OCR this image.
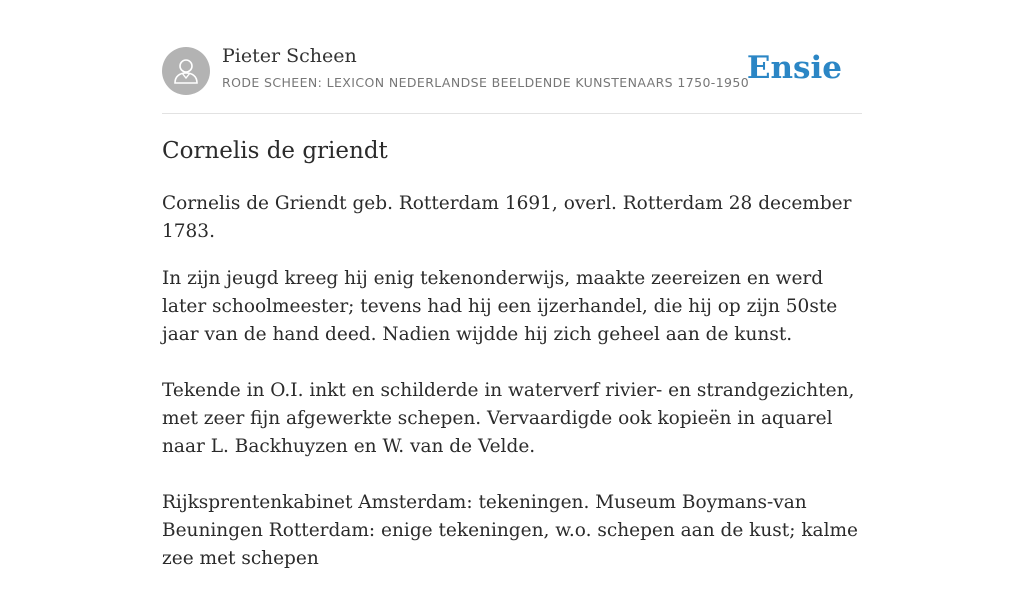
Pieter Scheen
RODE SCHEEN: LEXICON NEDERLANDSE BEELDENDE KUNSTENAARS 1750-1950
Ensie
Cornelis de griendt

Cornelis de Griendt geb. Rotterdam 1691, overl. Rotterdam 28 december 1783.

In zijn jeugd kreeg hij enig tekenonderwijs, maakte zeereizen en werd later schoolmeester; tevens had hij een ijzerhandel, die hij op zijn 50ste jaar van de hand deed. Nadien wijdde hij zich geheel aan de kunst.

Tekende in O.I. inkt en schilderde in waterverf rivier- en strandgezichten, met zeer fijn afgewerkte schepen. Vervaardigde ook kopieën in aquarel naar L. Backhuyzen en W. van de Velde.

Rijksprentenkabinet Amsterdam: tekeningen. Museum Boymans-van Beuningen Rotterdam: enige tekeningen, w.o. schepen aan de kust; kalme zee met schepen
